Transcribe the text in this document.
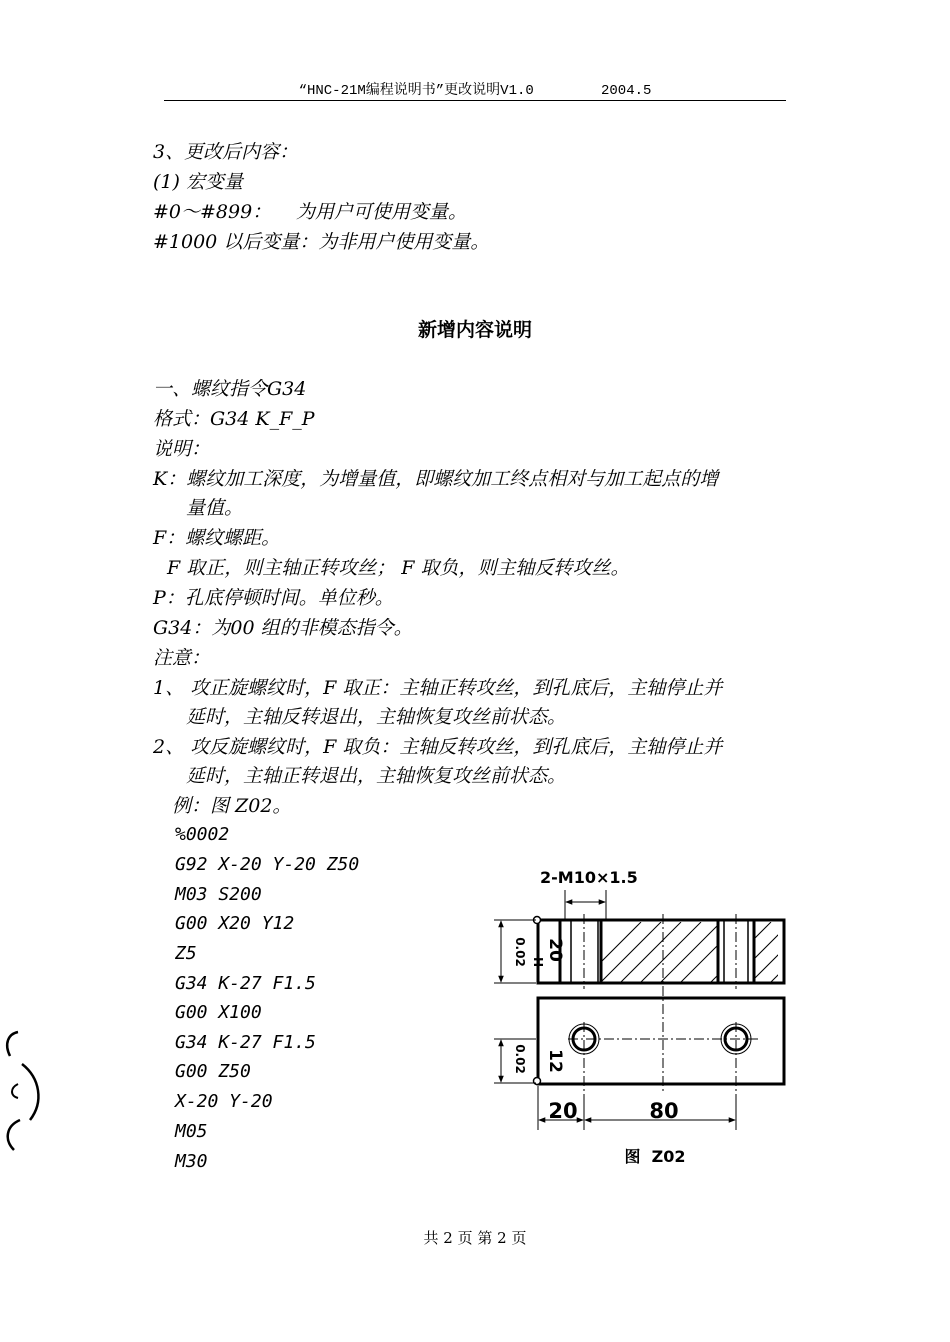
“HNC-21M编程说明书”更改说明V1.0	2004.5
3、更改后内容：
(1) 宏变量
#0～#899： 为用户可使用变量。
#1000 以后变量：为非用户使用变量。
新增内容说明
一、螺纹指令G34
格式：G34 K_F_P
说明：
K：螺纹加工深度，为增量值，即螺纹加工终点相对与加工起点的增
量值。
F：螺纹螺距。
F 取正，则主轴正转攻丝； F 取负，则主轴反转攻丝。
P：孔底停顿时间。单位秒。
G34：为00 组的非模态指令。
注意：
1、 攻正旋螺纹时，F 取正：主轴正转攻丝，到孔底后，主轴停止并
延时，主轴反转退出，主轴恢复攻丝前状态。
2、 攻反旋螺纹时，F 取负：主轴反转攻丝，到孔底后，主轴停止并
延时，主轴正转退出，主轴恢复攻丝前状态。
例：图 Z02。
%0002
G92 X-20 Y-20 Z50
M03 S200
G00 X20 Y12
Z5
G34 K-27 F1.5
G00 X100
G34 K-27 F1.5
G00 Z50
X-20 Y-20
M05
M30
2-M10×1.5
0.02 20
H
0.02 12
20	80
图  Z02
共 2 页 第 2 页
